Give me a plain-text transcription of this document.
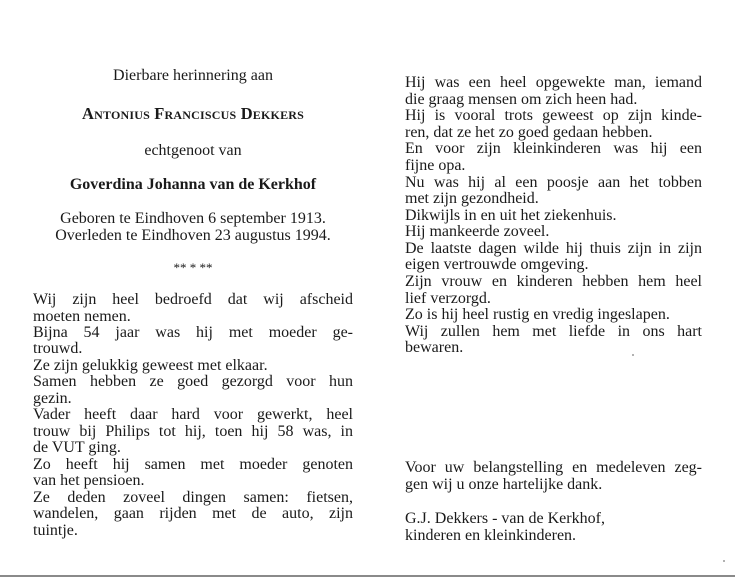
Dierbare herinnering aan
Antonius Franciscus Dekkers
echtgenoot van
Goverdina Johanna van de Kerkhof
Geboren te Eindhoven 6 september 1913.
Overleden te Eindhoven 23 augustus 1994.
** * **
Wij zijn heel bedroefd dat wij afscheid
moeten nemen.
Bijna 54 jaar was hij met moeder ge-
trouwd.
Ze zijn gelukkig geweest met elkaar.
Samen hebben ze goed gezorgd voor hun
gezin.
Vader heeft daar hard voor gewerkt, heel
trouw bij Philips tot hij, toen hij 58 was, in
de VUT ging.
Zo heeft hij samen met moeder genoten
van het pensioen.
Ze deden zoveel dingen samen: fietsen,
wandelen, gaan rijden met de auto, zijn
tuintje.
Hij was een heel opgewekte man, iemand
die graag mensen om zich heen had.
Hij is vooral trots geweest op zijn kinde-
ren, dat ze het zo goed gedaan hebben.
En voor zijn kleinkinderen was hij een
fijne opa.
Nu was hij al een poosje aan het tobben
met zijn gezondheid.
Dikwijls in en uit het ziekenhuis.
Hij mankeerde zoveel.
De laatste dagen wilde hij thuis zijn in zijn
eigen vertrouwde omgeving.
Zijn vrouw en kinderen hebben hem heel
lief verzorgd.
Zo is hij heel rustig en vredig ingeslapen.
Wij zullen hem met liefde in ons hart
bewaren.
Voor uw belangstelling en medeleven zeg-
gen wij u onze hartelijke dank.
G.J. Dekkers - van de Kerkhof,
kinderen en kleinkinderen.
